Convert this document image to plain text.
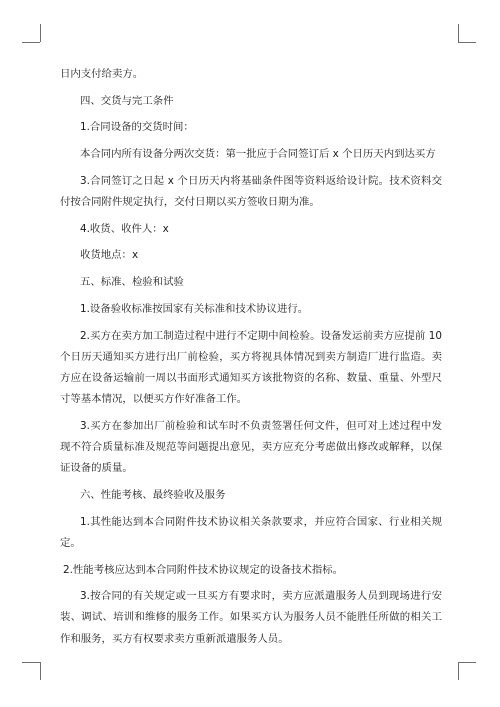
日内支付给卖方。

四、交货与完工条件

1.合同设备的交货时间：

本合同内所有设备分两次交货：第一批应于合同签订后 x 个日历天内到达买方

3.合同签订之日起 x 个日历天内将基础条件图等资料返给设计院。技术资料交付按合同附件规定执行，交付日期以买方签收日期为准。

4.收货、收件人：x

收货地点：x

五、标准、检验和试验

1.设备验收标准按国家有关标准和技术协议进行。

2.买方在卖方加工制造过程中进行不定期中间检验。设备发运前卖方应提前 10 个日历天通知买方进行出厂前检验，买方将视具体情况到卖方制造厂进行监造。卖方应在设备运输前一周以书面形式通知买方该批物资的名称、数量、重量、外型尺寸等基本情况，以便买方作好准备工作。

3.买方在参加出厂前检验和试车时不负责签署任何文件，但可对上述过程中发现不符合质量标准及规范等问题提出意见，卖方应充分考虑做出修改或解释，以保证设备的质量。

六、性能考核、最终验收及服务

1.其性能达到本合同附件技术协议相关条款要求，并应符合国家、行业相关规定。

2.性能考核应达到本合同附件技术协议规定的设备技术指标。

3.按合同的有关规定或一旦买方有要求时，卖方应派遣服务人员到现场进行安装、调试、培训和维修的服务工作。如果买方认为服务人员不能胜任所做的相关工作和服务，买方有权要求卖方重新派遣服务人员。
